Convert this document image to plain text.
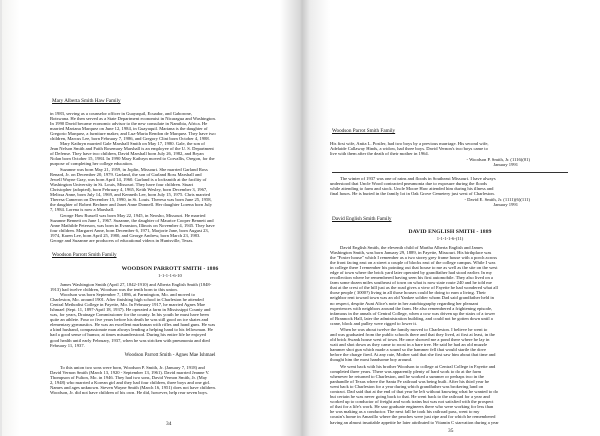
Mary Alberta Smith Haw Family
in 1983, serving as a counselor officer in Guayaquil, Ecuador, and Gaborone,
Botswana. He then served as a State Department economist in Nicaragua and Washington.
In 1990 David became economic advisor to the new consulate in Namibia, Africa. He
married Mariana Marquez on June 12, 1984, in Guayaquil. Mariana is the daughter of
Gregorio Marquez, a furniture maker, and Luz-Maria Rendon de Marquez. They have two
children, Marcus Lee, born February 7, 1986, and Gregory Clint born October 4, 1988.
Mary Kathryn married Gale Marshall Smith on May 17, 1980. Gale, the son of
Jean Nelson Smith and Faith Rosemary Marshall is an employee of the U. S. Department
of Defense. They have two children, David Marshall born July 26, 1982, and Bryan
Nolan born October 15, 1984. In 1990 Mary Kathryn moved to Corvallis, Oregon, for the
purpose of completing her college education.
Suzanne was born May 21, 1959, in Joplin, Missouri. She married Garland Ross
Renard, Jr. on December 20, 1979. Garland, the son of Garland Ross Marshall and
Jewell Wayne Gray, was born April 14, 1960. Garland is a locksmith at the facility of
Washington University in St. Louis, Missouri. They have four children. Stuart
Christopher (adopted), born February 4, 1965, Keith Wesley, born December 3, 1967,
Melissa Anne, born July 14, 1969, and Kenneth Lee, born July 15, 1975. Chris married
Theresa Cameron on December 15, 1990, in St. Louis. Theresa was born June 25, 1958,
the daughter of Robert Bechner and Janet Anne Donnell. Her daughter Lorena born July
7, 1984. Lorena is now a Marshall.
George Haw Russell was born May 22, 1945, in Neosho, Missouri. He married
Suzanne Bennett on June 1, 1967. Suzanne, the daughter of Maurice Cooper Bennett and
Anne Mathilde Peterson, was born in Evanston, Illinois on November 4, 1945. They have
four children. Margaret Anne, born December 6, 1971, Marjorie Jane, born August 23,
1974, Karen Lee, born April 25, 1980, and George Andrew, born March 23, 1983.
George and Suzanne are producers of educational videos in Huntsville, Texas.
Woodson Parrott Smith Family
WOODSON PARROTT SMITH - 1886
1-1-1-1-6-10
James Washington Smith (April 27, 1842-1910) and Alberta English Smith (1848-
1913) had twelve children, Woodson was the tenth born to this union.
Woodson was born September 7, 1886, at Farmington, Mo. and moved to
Charleston, Mo. around 1901. After finishing high school in Charleston he attended
Central Methodist College in Fayette, Mo. In February 1917, he married Agnes Mae
Ishmael (Sept. 11, 1897-April 18, 1937). He operated a farm in Mississippi County and
was, for years, Drainage Commissioner for the county. In his youth he must have been
quite an athlete. Four or five years before his death he was still good on ice skates and
elementary gymnastics. He was an excellent marksman with rifles and hand guns. He was
a kind husband, compassionate man always lending a helping hand to his fellowman. He
had a good sense of humor, at times misunderstood. During his entire life he enjoyed
good health until early February, 1937, when he was stricken with pneumonia and died
February 11, 1937.
Woodson Parrott Smith - Agnes Mae Ishmael
To this union two sons were born, Woodson P. Smith, Jr. (January 7, 1918) and
David Vernon Smith (March 13, 1920 - September 13, 1961). David married Jeanne V.
Thompson of Fulton, Mo. in 1946. They had two sons, David Vernon Smith, Jr. (May
2, 1948) who married a Korean girl and they had four children, three boys and one girl.
Names and ages unknown. Steven Wayne Smith (March 16, 1951) does not have children.
Woodson, Jr. did not have children of his own. He did, however, help rear seven boys.
34
Woodson Parrot Smith Family
His first wife, Anita L. Postler, had two boys by a previous marriage. His second wife,
Adelaide Callaway Hinds, a widow, had three boys. David Vernon's two boys came to
live with them after the death of their mother in 1964.
- Woodson P. Smith, Jr. (1116)(01)
January 1991
The winter of 1937 was one of rains and floods in Southeast Missouri. I have always
understood that Uncle Wood contracted pneumonia due to exposure during the floods
while attending to farm and stock. Uncle Moore Haw attended him during his illness and
final hours. He is buried in the family lot in Oak Grove Cemetery just west of Charleston.
- David E. Smith, Jr. (1111)(6)(111)
January 1991
David English Smith Family
DAVID ENGLISH SMITH - 1889
1-1-1-1-6-(11)
David English Smith, the eleventh child of Martha Alberta English and James
Washington Smith, was born January 29, 1889, in Fayette, Missouri. His birthplace was
the "Foster house" which I remember as a two storey grey frame house with a porch across
the front facing east on a street a couple of blocks east of the college campus. While I was
in college there I remember his pointing out that house to me as well as the site on the west
edge of town where the brick yard later operated by grandfather had stood earlier. In my
recollection where he remembered having seen his first automobile. They also lived on a
farm some dozen miles southeast of town on what is now state route 240 and he told me
that at the crest of the hill just as the road gives a view of Fayette he had wondered what all
those people ( 3000?) living in all those houses could be doing to earn a living. Their
neighbor rent toward town was an old Yankee soldier whom Dad said grandfather held in
no respect, despite Aunt Alice's note in her autobiography regarding her pleasant
experiences with neighbors around the farm. He also remembered a frightening episode,
infamous in the annals of Central College, when a cow was driven up the stairs of a tower
of Brannock Hall, later the administration building, and could not be gotten down until a
crane, block and pulley were rigged to lower it.
When he was about twelve the family moved to Charleston. I believe he went to
and was graduated from the public schools there and that they lived, at first at least, in the
old brick Swank house west of town. He once showed me a pond there where he lay in
wait and shot down as they came to roost in a bare tree. He said he had an old muzzle
hammer shot gun which made a sound so the hammer fell that would startle the dove
before the charge fired. At any rate, Mother said that she first saw him about that time and
thought him the most handsome boy around.
We went back with his brother Woodson to college at Central College in Fayette and
completed three years. There was apparently plenty of hard work to do at the farm
whenever he returned to Charleston, and he worked a summer or perhaps two in the
panhandle of Texas where the Santa Fe railroad was being built. After his third year he
went back to Charleston for a year during which grandfather was brokering land on
contract. Dad said that at the end of that year he left without knowing what he wanted to do
but certain he was never going back to that. He went back to the railroad for a year and
worked up to conductor of freight and work trains but was not satisfied with the prospect
of that for a life's work. He saw graduate engineers there who were working for less than
he was making as a conductor. The next fall he took his railroad pass, went to my
cousin's home in Amarillo where the peaches were just ripe and for which he remembered
having an almost insatiable appetite he later attributed to Vitamin C starvation during a year
35
